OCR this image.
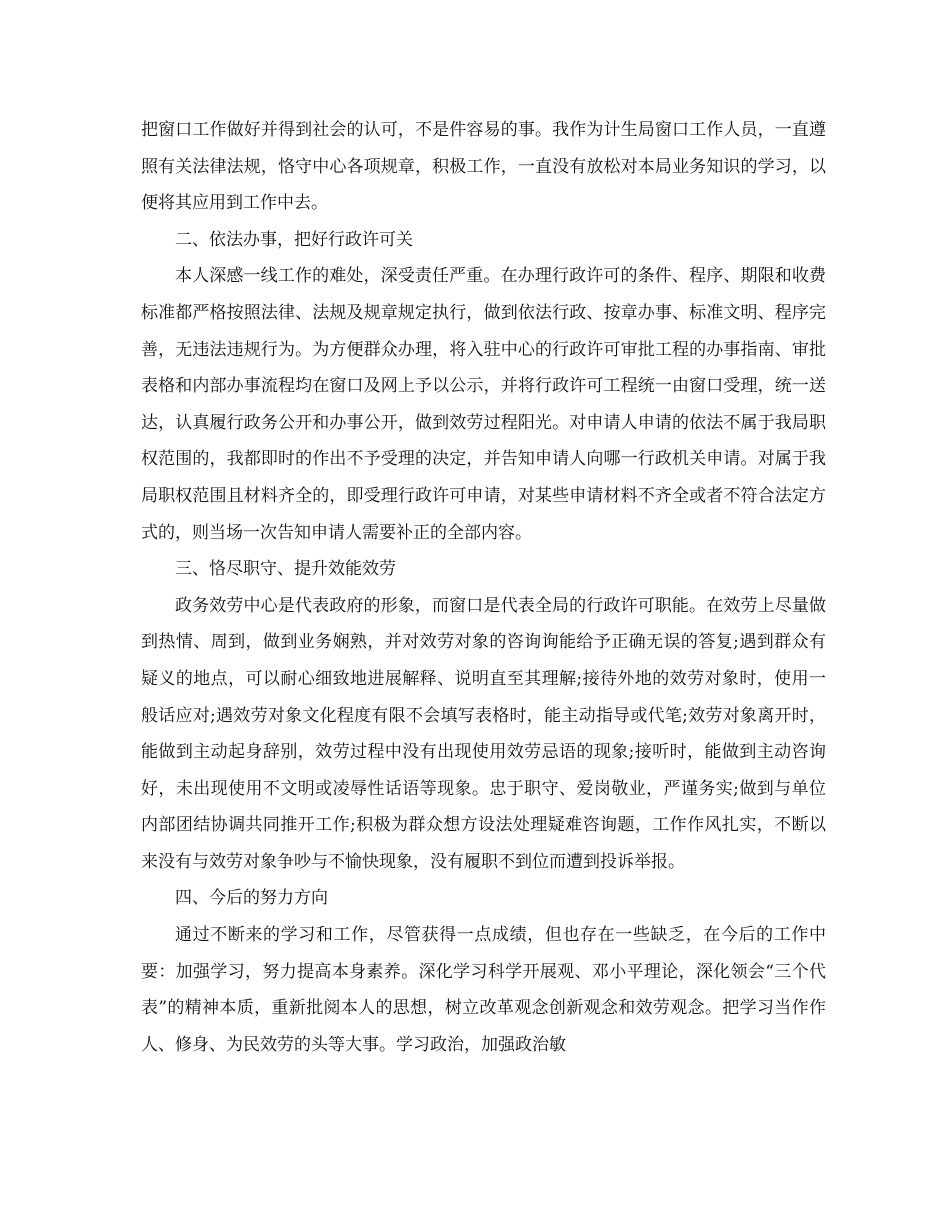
把窗口工作做好并得到社会的认可，不是件容易的事。我作为计生局窗口工作人员，一直遵照有关法律法规，恪守中心各项规章，积极工作，一直没有放松对本局业务知识的学习，以便将其应用到工作中去。

二、依法办事，把好行政许可关

本人深感一线工作的难处，深受责任严重。在办理行政许可的条件、程序、期限和收费标准都严格按照法律、法规及规章规定执行，做到依法行政、按章办事、标准文明、程序完善，无违法违规行为。为方便群众办理，将入驻中心的行政许可审批工程的办事指南、审批表格和内部办事流程均在窗口及网上予以公示，并将行政许可工程统一由窗口受理，统一送达，认真履行政务公开和办事公开，做到效劳过程阳光。对申请人申请的依法不属于我局职权范围的，我都即时的作出不予受理的决定，并告知申请人向哪一行政机关申请。对属于我局职权范围且材料齐全的，即受理行政许可申请，对某些申请材料不齐全或者不符合法定方式的，则当场一次告知申请人需要补正的全部内容。

三、恪尽职守、提升效能效劳

政务效劳中心是代表政府的形象，而窗口是代表全局的行政许可职能。在效劳上尽量做到热情、周到，做到业务娴熟，并对效劳对象的咨询询能给予正确无误的答复;遇到群众有疑义的地点，可以耐心细致地进展解释、说明直至其理解;接待外地的效劳对象时，使用一般话应对;遇效劳对象文化程度有限不会填写表格时，能主动指导或代笔;效劳对象离开时，能做到主动起身辞别，效劳过程中没有出现使用效劳忌语的现象;接听时，能做到主动咨询好，未出现使用不文明或凌辱性话语等现象。忠于职守、爱岗敬业，严谨务实;做到与单位内部团结协调共同推开工作;积极为群众想方设法处理疑难咨询题，工作作风扎实，不断以来没有与效劳对象争吵与不愉快现象，没有履职不到位而遭到投诉举报。

四、今后的努力方向

通过不断来的学习和工作，尽管获得一点成绩，但也存在一些缺乏，在今后的工作中要：加强学习，努力提高本身素养。深化学习科学开展观、邓小平理论，深化领会“三个代表”的精神本质，重新批阅本人的思想，树立改革观念创新观念和效劳观念。把学习当作作人、修身、为民效劳的头等大事。学习政治，加强政治敏
